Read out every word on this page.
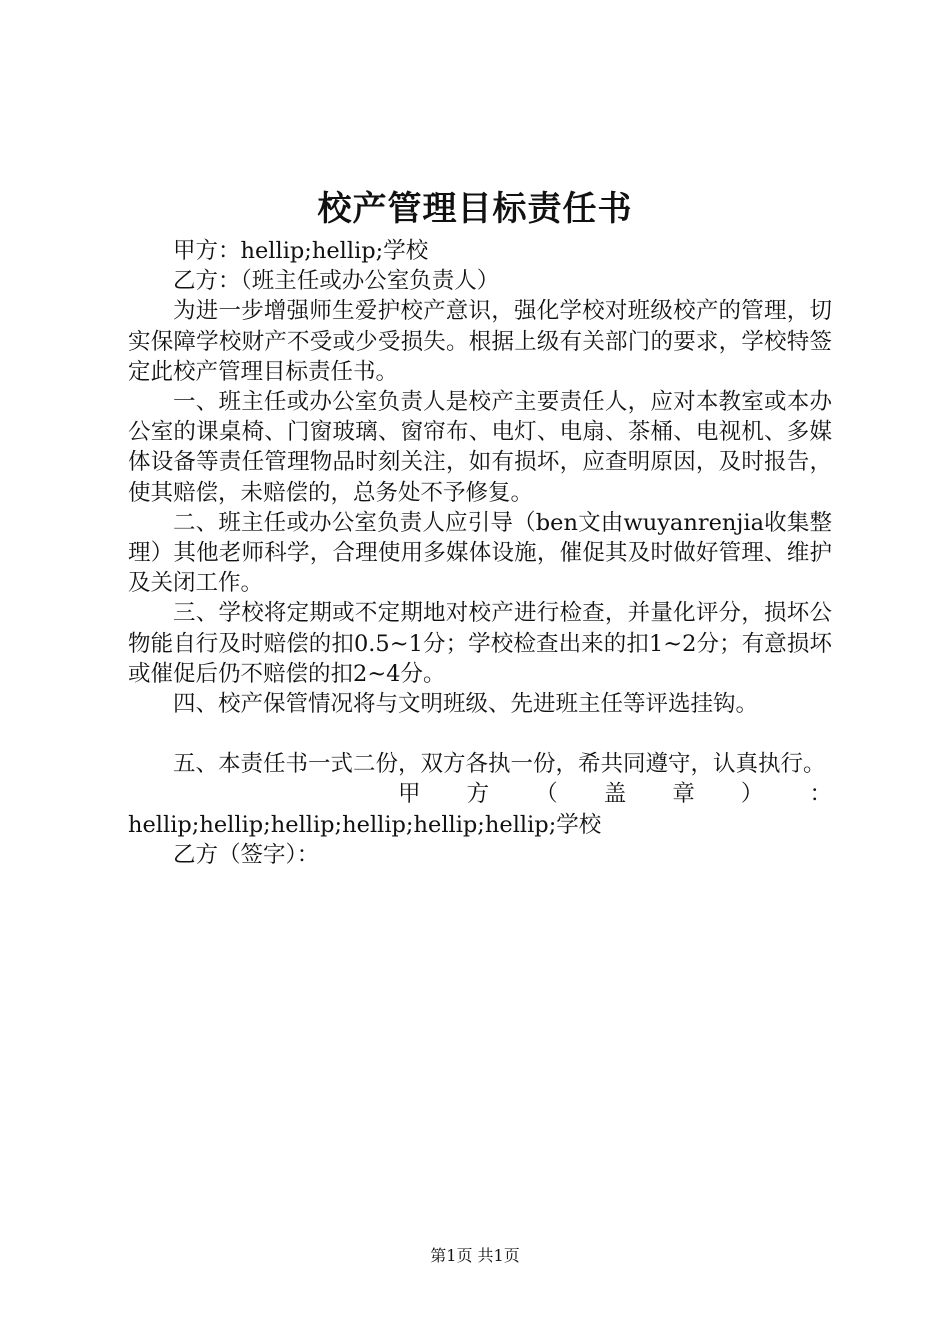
校产管理目标责任书

甲方：hellip;hellip;学校

乙方：（班主任或办公室负责人）

为进一步增强师生爱护校产意识，强化学校对班级校产的管理，切实保障学校财产不受或少受损失。根据上级有关部门的要求，学校特签定此校产管理目标责任书。

一、班主任或办公室负责人是校产主要责任人，应对本教室或本办公室的课桌椅、门窗玻璃、窗帘布、电灯、电扇、茶桶、电视机、多媒体设备等责任管理物品时刻关注，如有损坏，应查明原因，及时报告，使其赔偿，未赔偿的，总务处不予修复。

二、班主任或办公室负责人应引导（ben文由wuyanrenjia收集整理）其他老师科学，合理使用多媒体设施，催促其及时做好管理、维护及关闭工作。

三、学校将定期或不定期地对校产进行检查，并量化评分，损坏公物能自行及时赔偿的扣0.5~1分；学校检查出来的扣1~2分；有意损坏或催促后仍不赔偿的扣2~4分。

四、校产保管情况将与文明班级、先进班主任等评选挂钩。

五、本责任书一式二份，双方各执一份，希共同遵守，认真执行。

甲 方 （ 盖 章 ） ：

hellip;hellip;hellip;hellip;hellip;hellip;学校

乙方（签字）：

第1页 共1页
